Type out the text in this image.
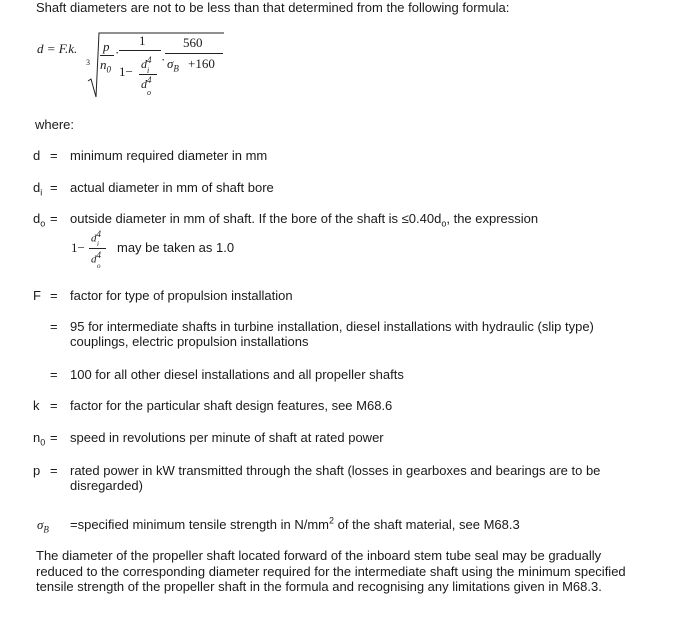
Shaft diameters are not to be less than that determined from the following formula:
d = F.k.
3
p
$n_0$
·
1
$1- d^4$
i
$d^4$
o
·
560
$\sigma_B +160$
where:
d = minimum required diameter in mm
$d_i$ = actual diameter in mm of shaft bore
$d_o$ = outside diameter in mm of shaft. If the bore of the shaft is $\le 0.40d_o$, the expression
1−
$d^4$
i
$d^4$
o
may be taken as 1.0
F = factor for type of propulsion installation
= 95 for intermediate shafts in turbine installation, diesel installations with hydraulic (slip type) couplings, electric propulsion installations
= 100 for all other diesel installations and all propeller shafts
k = factor for the particular shaft design features, see M68.6
$n_0$ = speed in revolutions per minute of shaft at rated power
p = rated power in kW transmitted through the shaft (losses in gearboxes and bearings are to be disregarded)
$\sigma_B$ =specified minimum tensile strength in $N/mm^2$ of the shaft material, see M68.3
The diameter of the propeller shaft located forward of the inboard stem tube seal may be gradually reduced to the corresponding diameter required for the intermediate shaft using the minimum specified tensile strength of the propeller shaft in the formula and recognising any limitations given in M68.3.
